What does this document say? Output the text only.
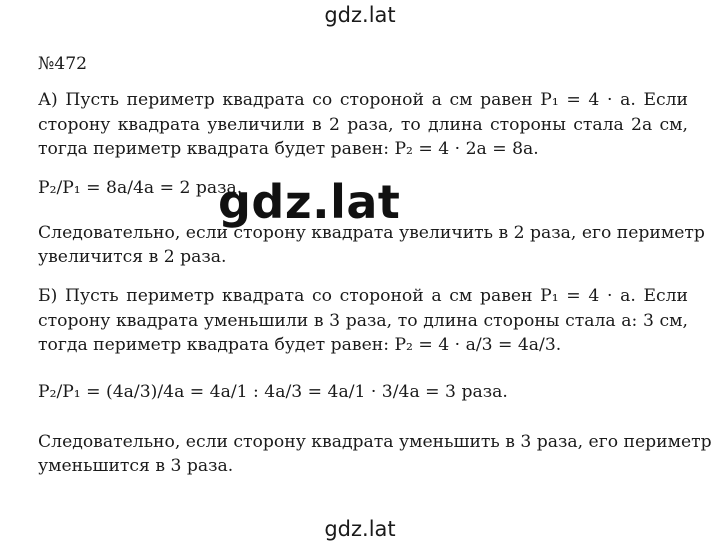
gdz.lat
№472
А) Пусть периметр квадрата со стороной a см равен P₁ = 4 · a. Если
сторону квадрата увеличили в 2 раза, то длина стороны стала 2a см,
тогда периметр квадрата будет равен: P₂ = 4 · 2a = 8a.
P₂/P₁ = 8a/4a = 2 раза.
Следовательно, если сторону квадрата увеличить в 2 раза, его периметр
увеличится в 2 раза.
Б) Пусть периметр квадрата со стороной a см равен P₁ = 4 · a. Если
сторону квадрата уменьшили в 3 раза, то длина стороны стала a: 3 см,
тогда периметр квадрата будет равен: P₂ = 4 · a/3 = 4a/3.
P₂/P₁ = (4a/3)/4a = 4a/1 : 4a/3 = 4a/1 · 3/4a = 3 раза.
Следовательно, если сторону квадрата уменьшить в 3 раза, его периметр
уменьшится в 3 раза.
gdz.lat
gdz.lat
